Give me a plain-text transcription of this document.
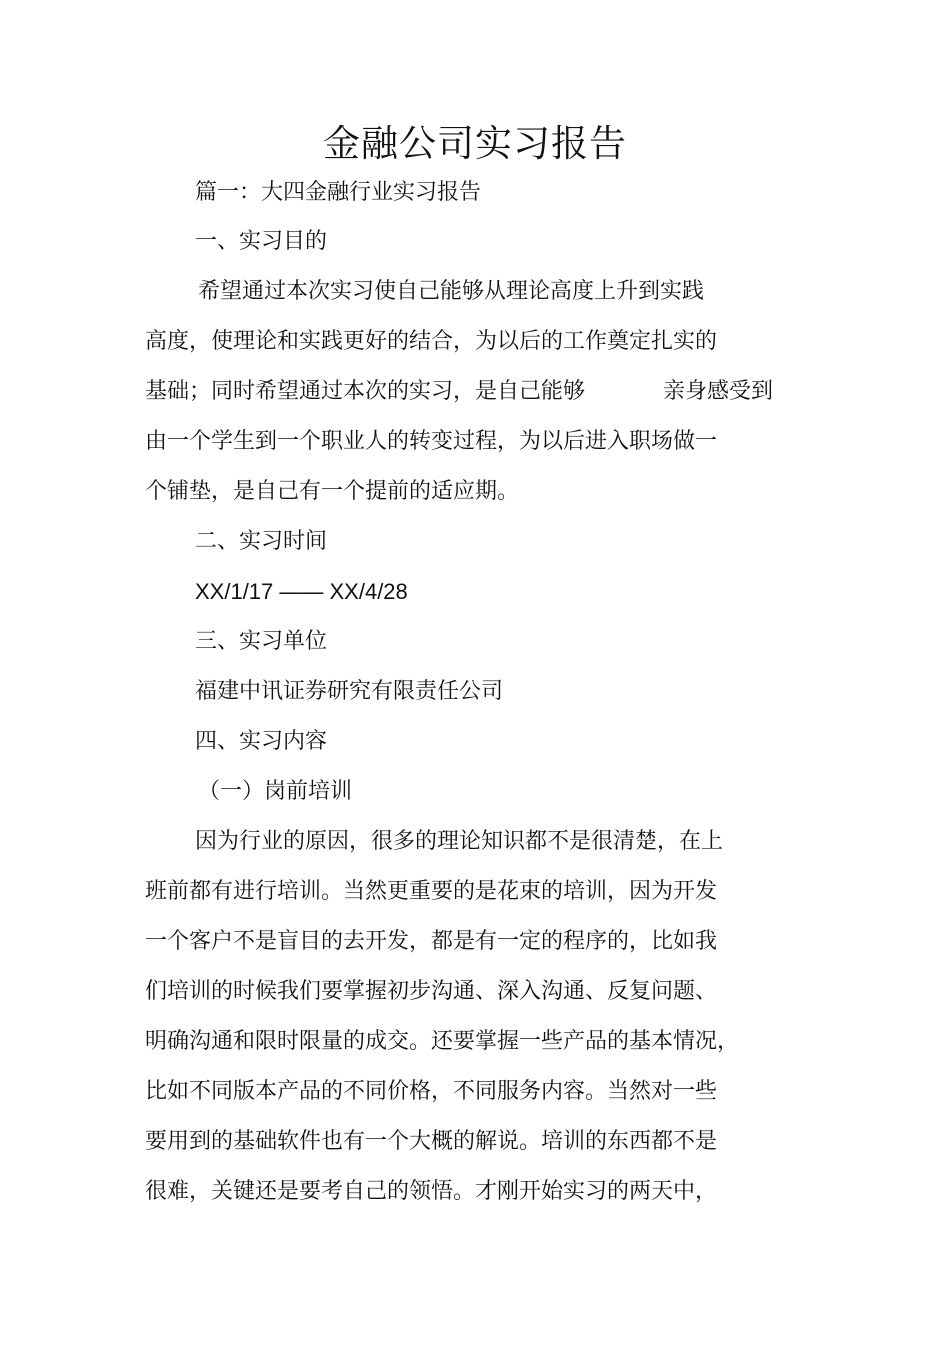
金融公司实习报告
篇一：大四金融行业实习报告
一、实习目的
希望通过本次实习使自己能够从理论高度上升到实践
高度，使理论和实践更好的结合，为以后的工作奠定扎实的
基础；同时希望通过本次的实习，是自己能够	亲身感受到
由一个学生到一个职业人的转变过程，为以后进入职场做一
个铺垫，是自己有一个提前的适应期。
二、实习时间
XX/1/17 —— XX/4/28
三、实习单位
福建中讯证券研究有限责任公司
四、实习内容
（一）岗前培训
因为行业的原因，很多的理论知识都不是很清楚，在上
班前都有进行培训。当然更重要的是花束的培训，因为开发
一个客户不是盲目的去开发，都是有一定的程序的，比如我
们培训的时候我们要掌握初步沟通、深入沟通、反复问题、
明确沟通和限时限量的成交。还要掌握一些产品的基本情况，
比如不同版本产品的不同价格，不同服务内容。当然对一些
要用到的基础软件也有一个大概的解说。培训的东西都不是
很难，关键还是要考自己的领悟。才刚开始实习的两天中，
